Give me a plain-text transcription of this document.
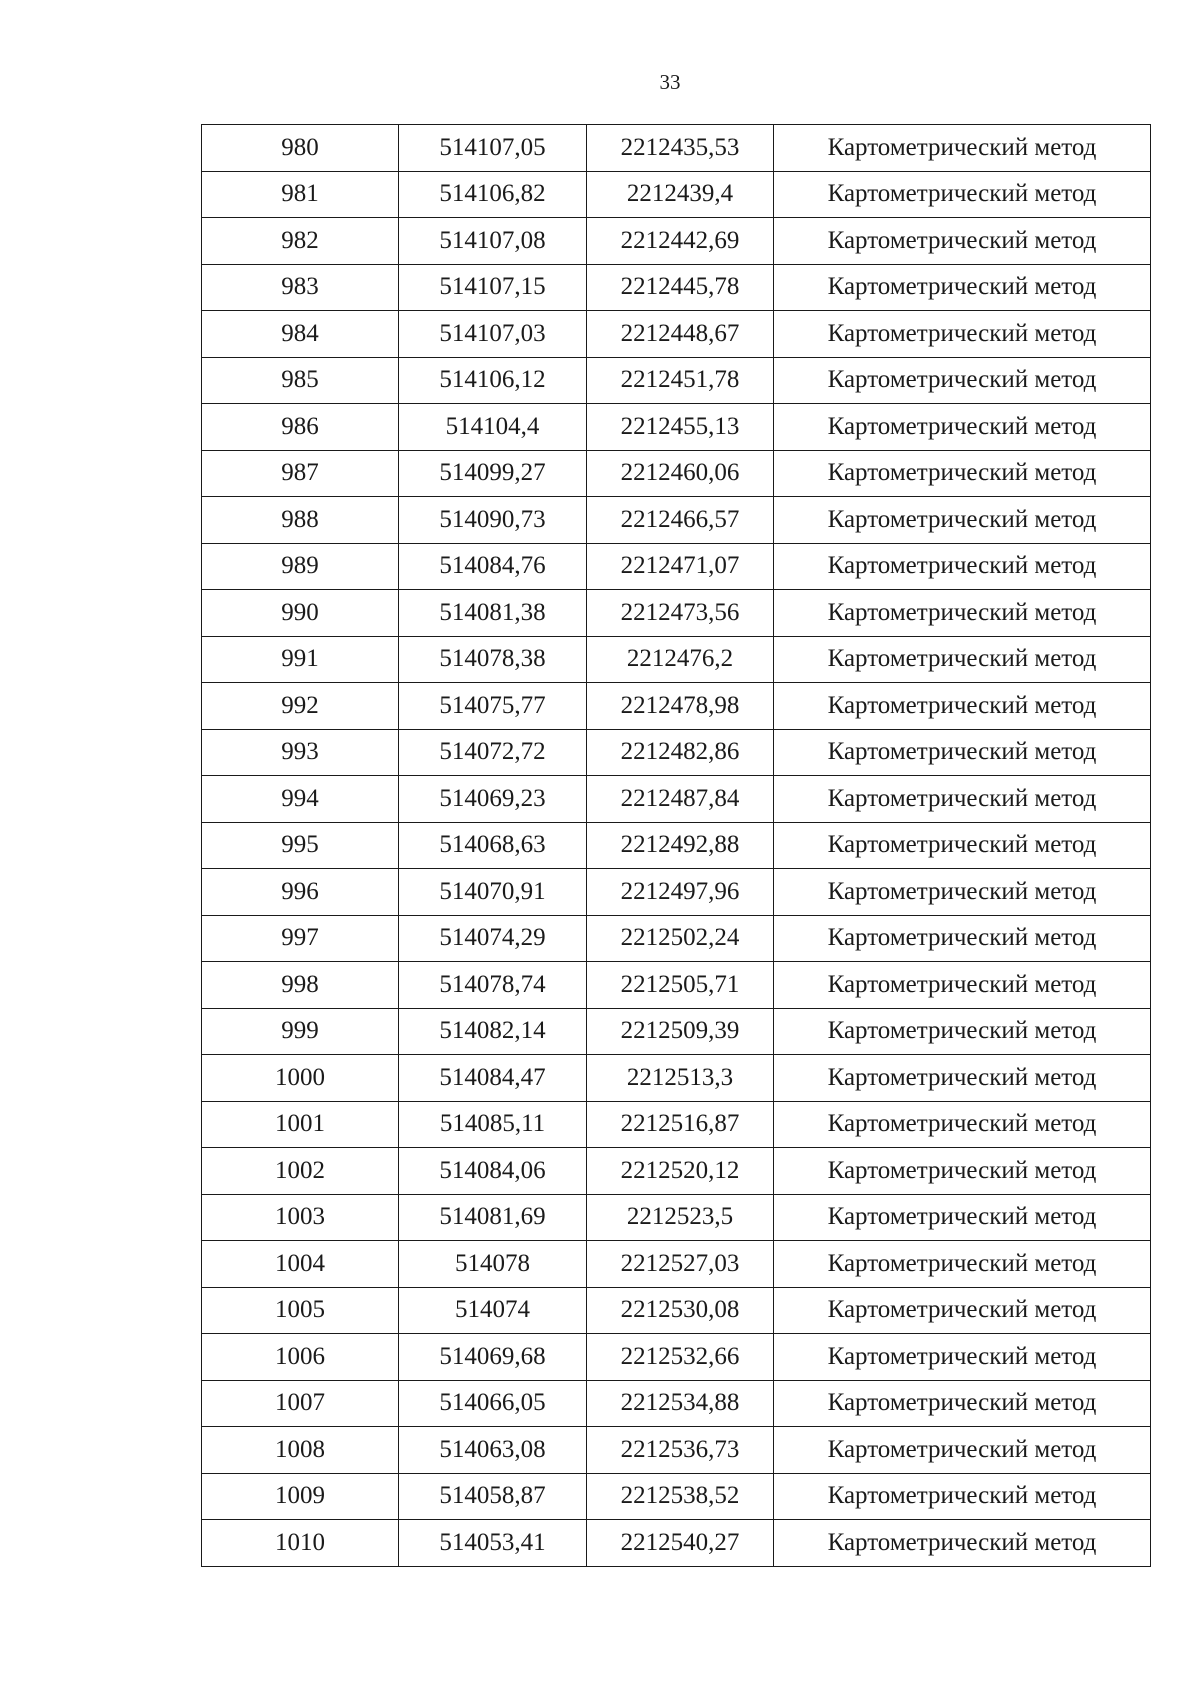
33
980	514107,05	2212435,53	Картометрический метод
981	514106,82	2212439,4	Картометрический метод
982	514107,08	2212442,69	Картометрический метод
983	514107,15	2212445,78	Картометрический метод
984	514107,03	2212448,67	Картометрический метод
985	514106,12	2212451,78	Картометрический метод
986	514104,4	2212455,13	Картометрический метод
987	514099,27	2212460,06	Картометрический метод
988	514090,73	2212466,57	Картометрический метод
989	514084,76	2212471,07	Картометрический метод
990	514081,38	2212473,56	Картометрический метод
991	514078,38	2212476,2	Картометрический метод
992	514075,77	2212478,98	Картометрический метод
993	514072,72	2212482,86	Картометрический метод
994	514069,23	2212487,84	Картометрический метод
995	514068,63	2212492,88	Картометрический метод
996	514070,91	2212497,96	Картометрический метод
997	514074,29	2212502,24	Картометрический метод
998	514078,74	2212505,71	Картометрический метод
999	514082,14	2212509,39	Картометрический метод
1000	514084,47	2212513,3	Картометрический метод
1001	514085,11	2212516,87	Картометрический метод
1002	514084,06	2212520,12	Картометрический метод
1003	514081,69	2212523,5	Картометрический метод
1004	514078	2212527,03	Картометрический метод
1005	514074	2212530,08	Картометрический метод
1006	514069,68	2212532,66	Картометрический метод
1007	514066,05	2212534,88	Картометрический метод
1008	514063,08	2212536,73	Картометрический метод
1009	514058,87	2212538,52	Картометрический метод
1010	514053,41	2212540,27	Картометрический метод
